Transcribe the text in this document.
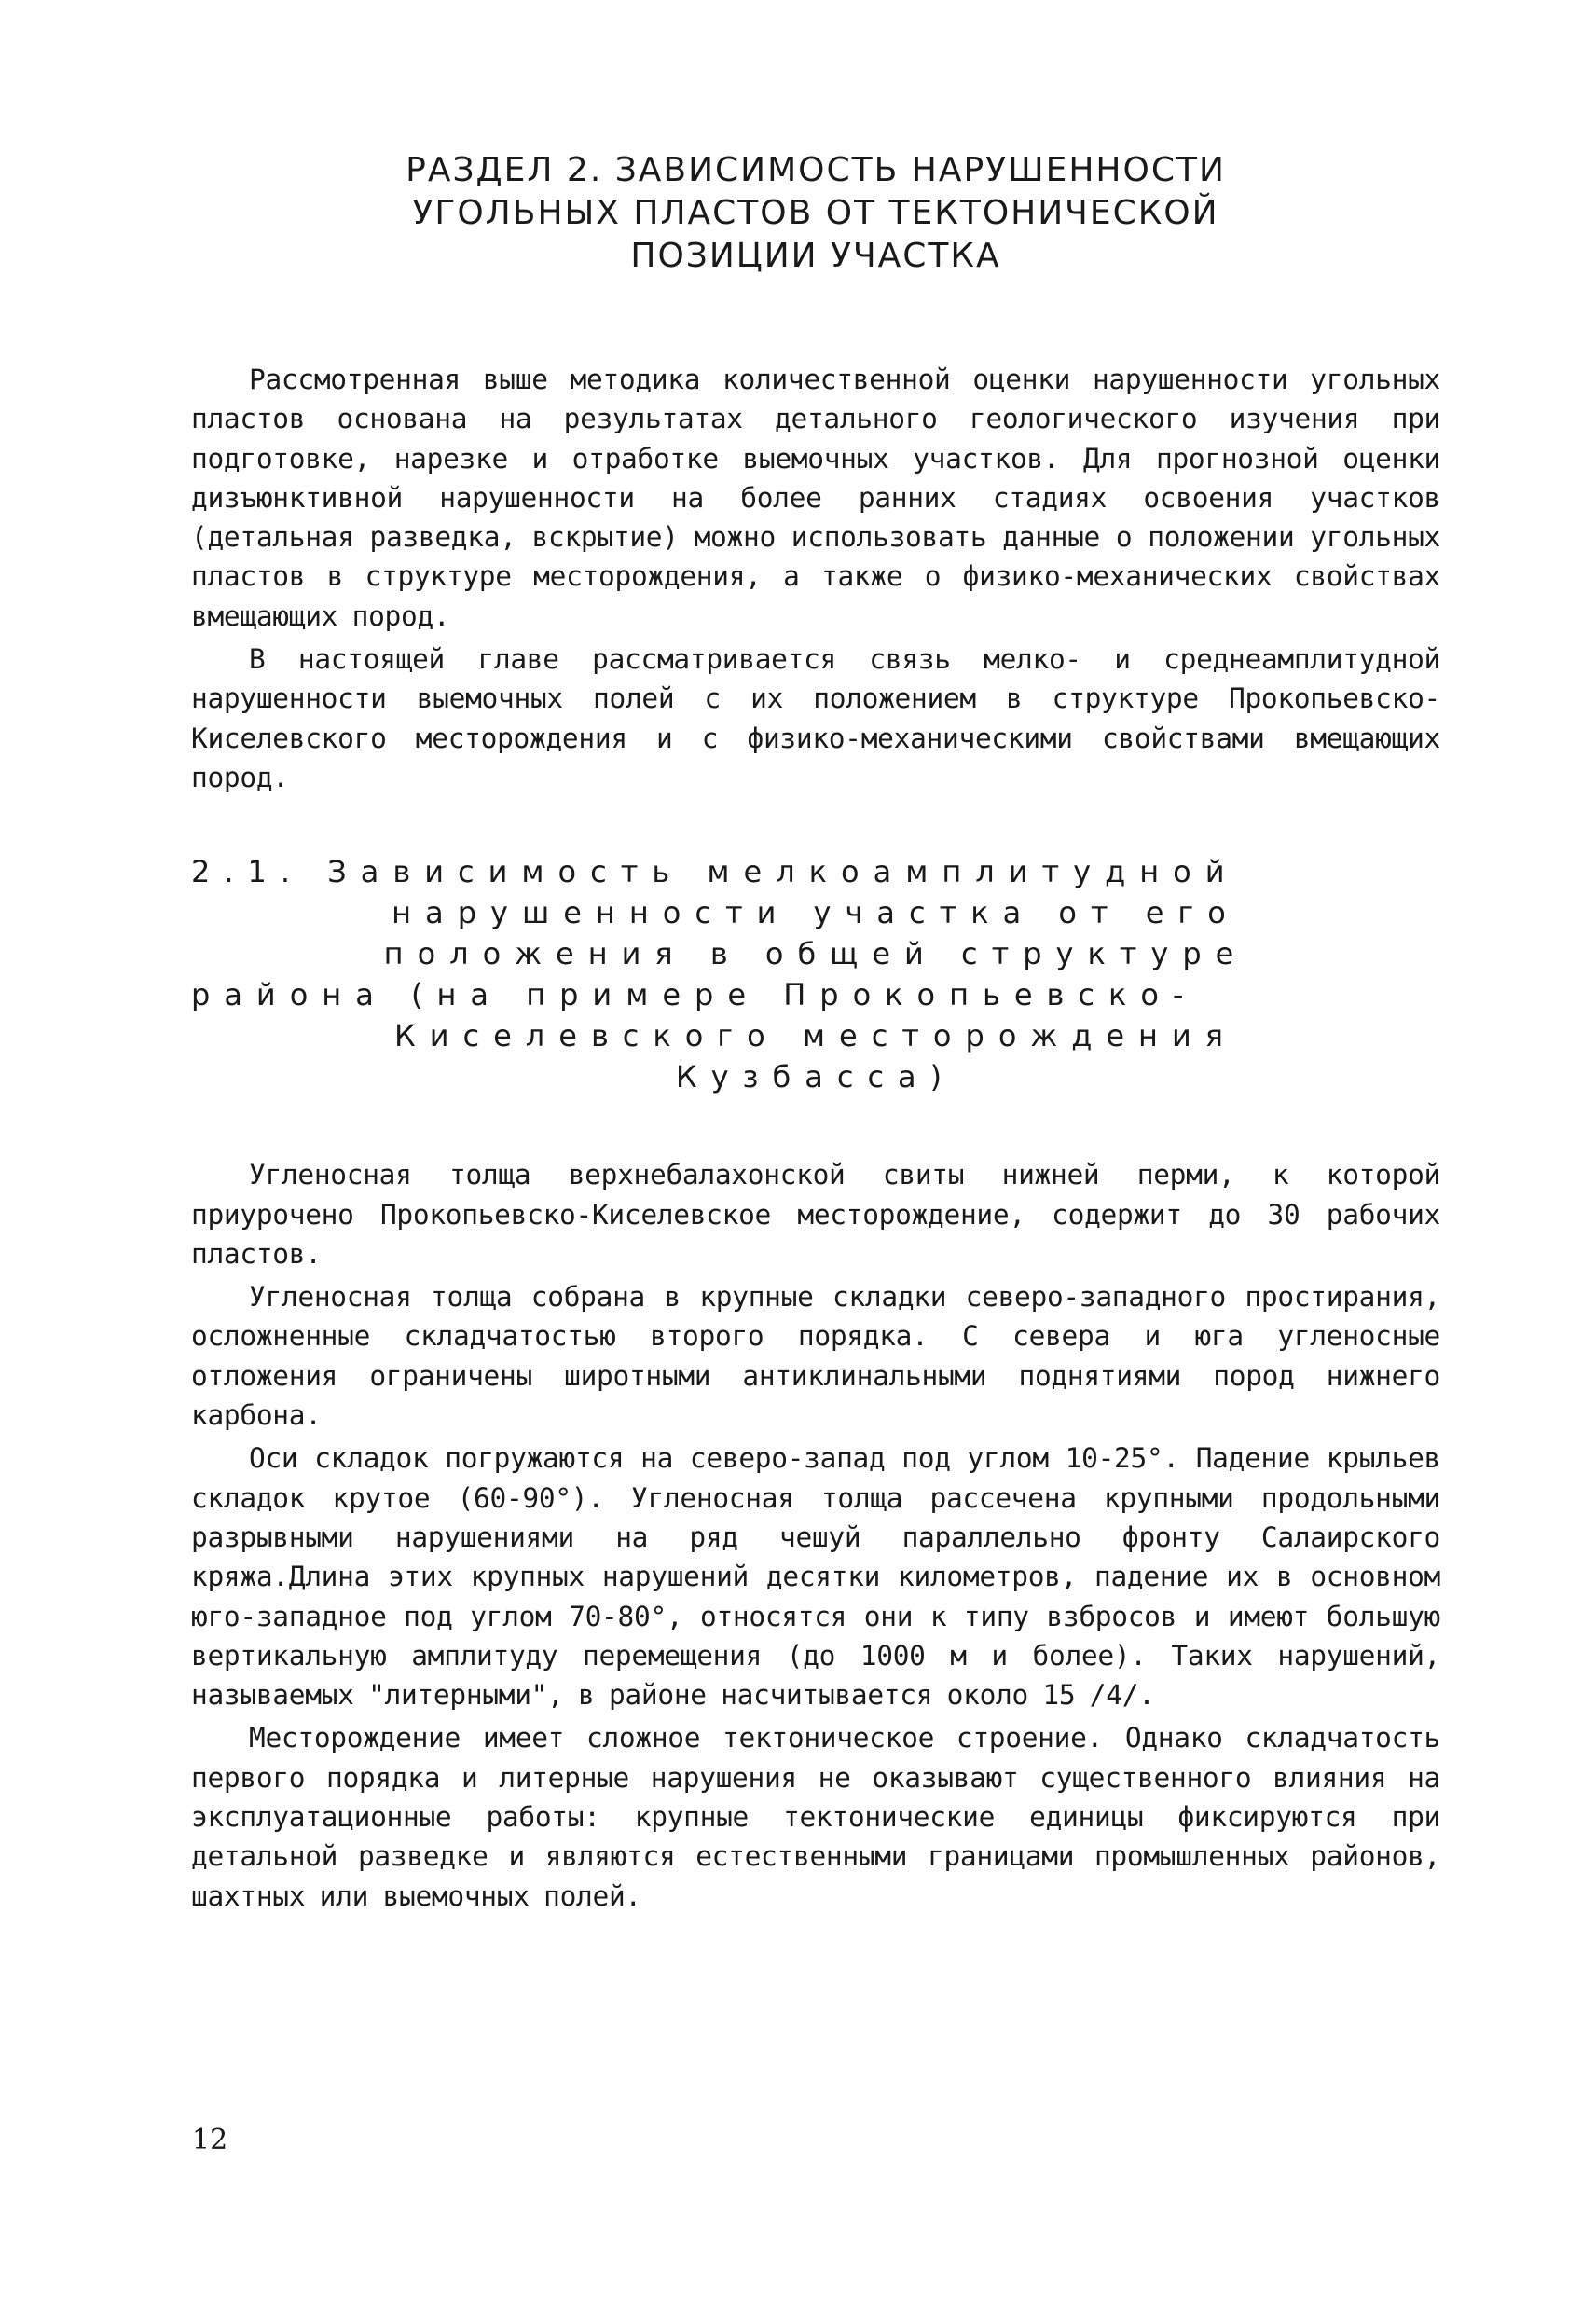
РАЗДЕЛ 2. ЗАВИСИМОСТЬ НАРУШЕННОСТИ
УГОЛЬНЫХ ПЛАСТОВ ОТ ТЕКТОНИЧЕСКОЙ
ПОЗИЦИИ УЧАСТКА

Рассмотренная выше методика количественной оценки нарушенности угольных пластов основана на результатах детального геологического изучения при подготовке, нарезке и отработке выемочных участков. Для прогнозной оценки дизъюнктивной нарушенности на более ранних стадиях освоения участков (детальная разведка, вскрытие) можно использовать данные о положении угольных пластов в структуре месторождения, а также о физико-механических свойствах вмещающих пород.

В настоящей главе рассматривается связь мелко- и среднеамплитудной нарушенности выемочных полей с их положением в структуре Прокопьевско-Киселевского месторождения и с физико-механическими свойствами вмещающих пород.

2.1. Зависимость мелкоамплитудной
нарушенности участка от его
положения в общей структуре
района (на примере Прокопьевско-
Киселевского месторождения
Кузбасса)

Угленосная толща верхнебалахонской свиты нижней перми, к которой приурочено Прокопьевско-Киселевское месторождение, содержит до 30 рабочих пластов.

Угленосная толща собрана в крупные складки северо-западного простирания, осложненные складчатостью второго порядка. С севера и юга угленосные отложения ограничены широтными антиклинальными поднятиями пород нижнего карбона.

Оси складок погружаются на северо-запад под углом 10-25°. Падение крыльев складок крутое (60-90°). Угленосная толща рассечена крупными продольными разрывными нарушениями на ряд чешуй параллельно фронту Салаирского кряжа.Длина этих крупных нарушений десятки километров, падение их в основном юго-западное под углом 70-80°, относятся они к типу взбросов и имеют большую вертикальную амплитуду перемещения (до 1000 м и более). Таких нарушений, называемых "литерными", в районе насчитывается около 15 /4/.

Месторождение имеет сложное тектоническое строение. Однако складчатость первого порядка и литерные нарушения не оказывают существенного влияния на эксплуатационные работы: крупные тектонические единицы фиксируются при детальной разведке и являются естественными границами промышленных районов, шахтных или выемочных полей.

12
